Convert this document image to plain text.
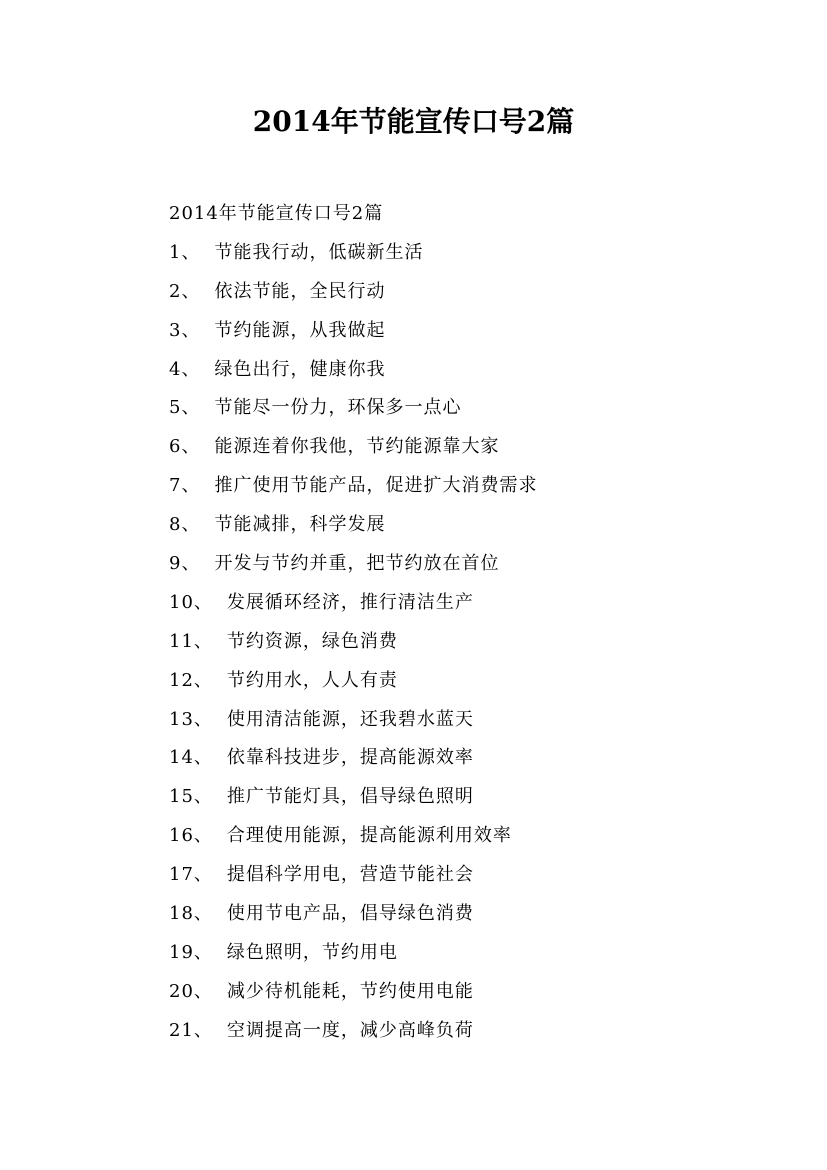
2014年节能宣传口号2篇
2014年节能宣传口号2篇
1、 节能我行动，低碳新生活
2、 依法节能，全民行动
3、 节约能源，从我做起
4、 绿色出行，健康你我
5、 节能尽一份力，环保多一点心
6、 能源连着你我他，节约能源靠大家
7、 推广使用节能产品，促进扩大消费需求
8、 节能减排，科学发展
9、 开发与节约并重，把节约放在首位
10、 发展循环经济，推行清洁生产
11、 节约资源，绿色消费
12、 节约用水，人人有责
13、 使用清洁能源，还我碧水蓝天
14、 依靠科技进步，提高能源效率
15、 推广节能灯具，倡导绿色照明
16、 合理使用能源，提高能源利用效率
17、 提倡科学用电，营造节能社会
18、 使用节电产品，倡导绿色消费
19、 绿色照明，节约用电
20、 减少待机能耗，节约使用电能
21、 空调提高一度，减少高峰负荷
